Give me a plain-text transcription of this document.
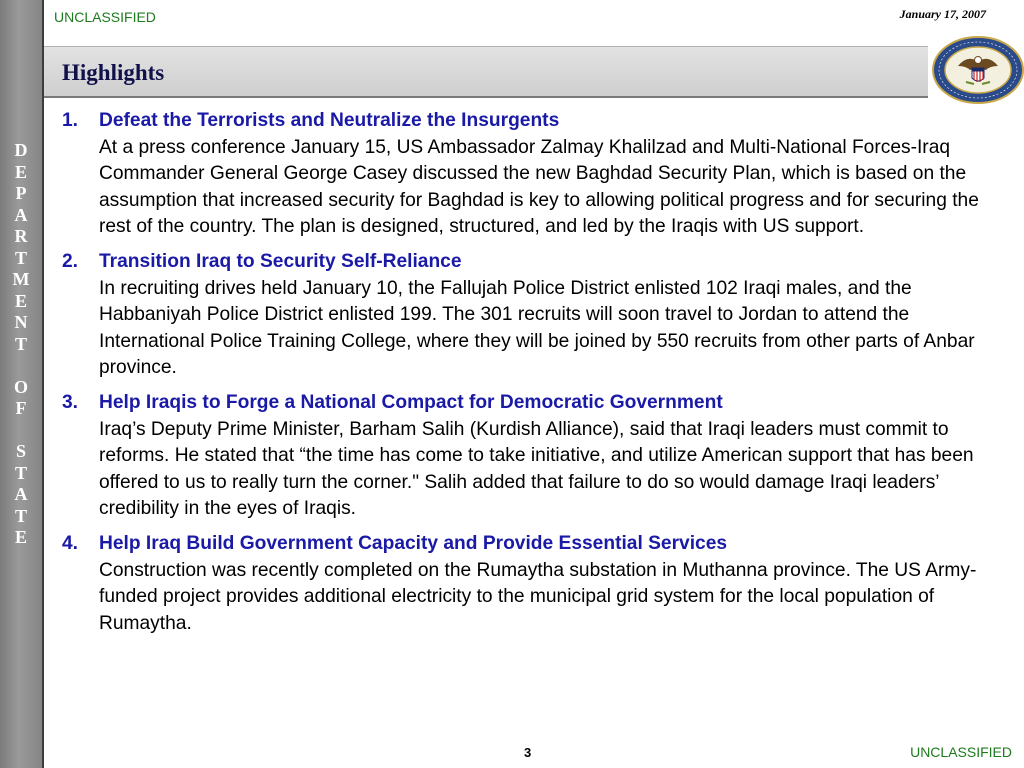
D
E
P
A
R
T
M
E
N
T
O
F
S
T
A
T
E
UNCLASSIFIED	January 17, 2007
Highlights
1.	Defeat the Terrorists and Neutralize the Insurgents
At a press conference January 15, US Ambassador Zalmay Khalilzad and Multi-National Forces-Iraq Commander General George Casey discussed the new Baghdad Security Plan, which is based on the assumption that increased security for Baghdad is key to allowing political progress and for securing the rest of the country. The plan is designed, structured, and led by the Iraqis with US support.
2.	Transition Iraq to Security Self-Reliance
In recruiting drives held January 10, the Fallujah Police District enlisted 102 Iraqi males, and the Habbaniyah Police District enlisted 199. The 301 recruits will soon travel to Jordan to attend the International Police Training College, where they will be joined by 550 recruits from other parts of Anbar province.
3.	Help Iraqis to Forge a National Compact for Democratic Government
Iraq’s Deputy Prime Minister, Barham Salih (Kurdish Alliance), said that Iraqi leaders must commit to reforms. He stated that “the time has come to take initiative, and utilize American support that has been offered to us to really turn the corner." Salih added that failure to do so would damage Iraqi leaders’ credibility in the eyes of Iraqis.
4.	Help Iraq Build Government Capacity and Provide Essential Services
Construction was recently completed on the Rumaytha substation in Muthanna province. The US Army-funded project provides additional electricity to the municipal grid system for the local population of Rumaytha.
3	UNCLASSIFIED
